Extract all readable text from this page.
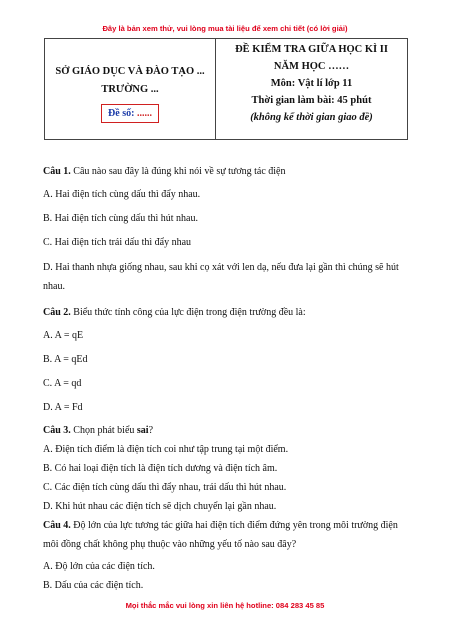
Đây là bản xem thử, vui lòng mua tài liệu để xem chi tiết (có lời giải)
SỞ GIÁO DỤC VÀ ĐÀO TẠO ...
TRƯỜNG ...
Đề số: ......	
ĐỀ KIỂM TRA GIỮA HỌC KÌ II
NĂM HỌC ……
Môn: Vật lí lớp 11
Thời gian làm bài: 45 phút
(không kể thời gian giao đề)
Câu 1. Câu nào sau đây là đúng khi nói về sự tương tác điện
A. Hai điện tích cùng dấu thì đẩy nhau.
B. Hai điện tích cùng dấu thì hút nhau.
C. Hai điện tích trái dấu thì đẩy nhau
D. Hai thanh nhựa giống nhau, sau khi cọ xát với len dạ, nếu đưa lại gần thì chúng sẽ hút nhau.
Câu 2. Biểu thức tính công của lực điện trong điện trường đều là:
A. A = qE
B. A = qEd
C. A = qd
D. A = Fd
Câu 3. Chọn phát biểu sai?
A. Điện tích điểm là điện tích coi như tập trung tại một điểm.
B. Có hai loại điện tích là điện tích dương và điện tích âm.
C. Các điện tích cùng dấu thì đẩy nhau, trái dấu thì hút nhau.
D. Khi hút nhau các điện tích sẽ dịch chuyển lại gần nhau.
Câu 4. Độ lớn của lực tương tác giữa hai điện tích điểm đứng yên trong môi trường điện môi đồng chất không phụ thuộc vào những yếu tố nào sau đây?
A. Độ lớn của các điện tích.
B. Dấu của các điện tích.
Mọi thắc mắc vui lòng xin liên hệ hotline: 084 283 45 85
